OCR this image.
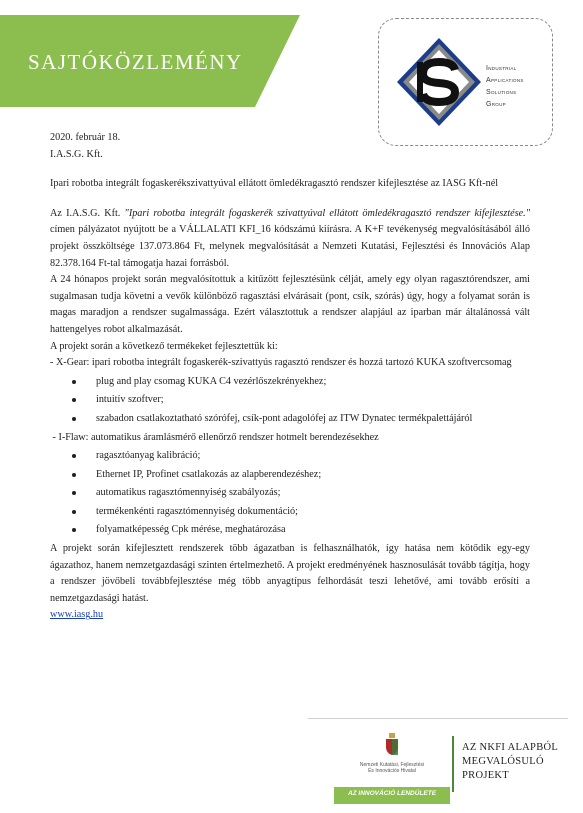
SAJTÓKÖZLEMÉNY	INDUSTRIAL
APPLICATIONS
SOLUTIONS
GROUP

2020. február 18.

I.A.S.G. Kft.

Ipari robotba integrált fogaskerékszivattyúval ellátott ömledékragasztó rendszer kifejlesztése az IASG Kft-nél

Az I.A.S.G. Kft. "Ipari robotba integrált fogaskerék szivattyúval ellátott ömledékragasztó rendszer kifejlesztése." címen pályázatot nyújtott be a VÁLLALATI KFI_16 kódszámú kiírásra. A K+F tevékenység megvalósításából álló projekt összköltsége 137.073.864 Ft, melynek megvalósítását a Nemzeti Kutatási, Fejlesztési és Innovációs Alap 82.378.164 Ft-tal támogatja hazai forrásból.

A 24 hónapos projekt során megvalósítottuk a kitűzött fejlesztésünk célját, amely egy olyan ragasztórendszer, ami sugalmasan tudja követni a vevők különböző ragasztási elvárásait (pont, csík, szórás) úgy, hogy a folyamat során is magas maradjon a rendszer sugalmassága. Ezért választottuk a rendszer alapjául az iparban már általánossá vált hattengelyes robot alkalmazását.

A projekt során a következő termékeket fejlesztettük ki:

- X-Gear: ipari robotba integrált fogaskerék-szivattyús ragasztó rendszer és hozzá tartozó KUKA szoftvercsomag

plug and play csomag KUKA C4 vezérlőszekrényekhez;
intuitív szoftver;
szabadon csatlakoztatható szórófej, csík-pont adagolófej az ITW Dynatec termékpalettájáról

- I-Flaw: automatikus áramlásmérő ellenőrző rendszer hotmelt berendezésekhez

ragasztóanyag kalibráció;
Ethernet IP, Profinet csatlakozás az alapberendezéshez;
automatikus ragasztómennyiség szabályozás;
termékenkénti ragasztómennyiség dokumentáció;
folyamatképesség Cpk mérése, meghatározása

A projekt során kifejlesztett rendszerek több ágazatban is felhasználhatók, így hatása nem kötődik egy-egy ágazathoz, hanem nemzetgazdasági szinten értelmezhető. A projekt eredményének hasznosulását tovább tágítja, hogy a rendszer jövőbeli továbbfejlesztése még több anyagtípus felhordását teszi lehetővé, ami tovább erősíti a nemzetgazdasági hatást.

www.iasg.hu

Nemzeti Kutatási, Fejlesztési
És Innovációs Hivatal
AZ INNOVÁCIÓ LENDÜLETE
AZ NKFI ALAPBÓL
MEGVALÓSULÓ
PROJEKT
